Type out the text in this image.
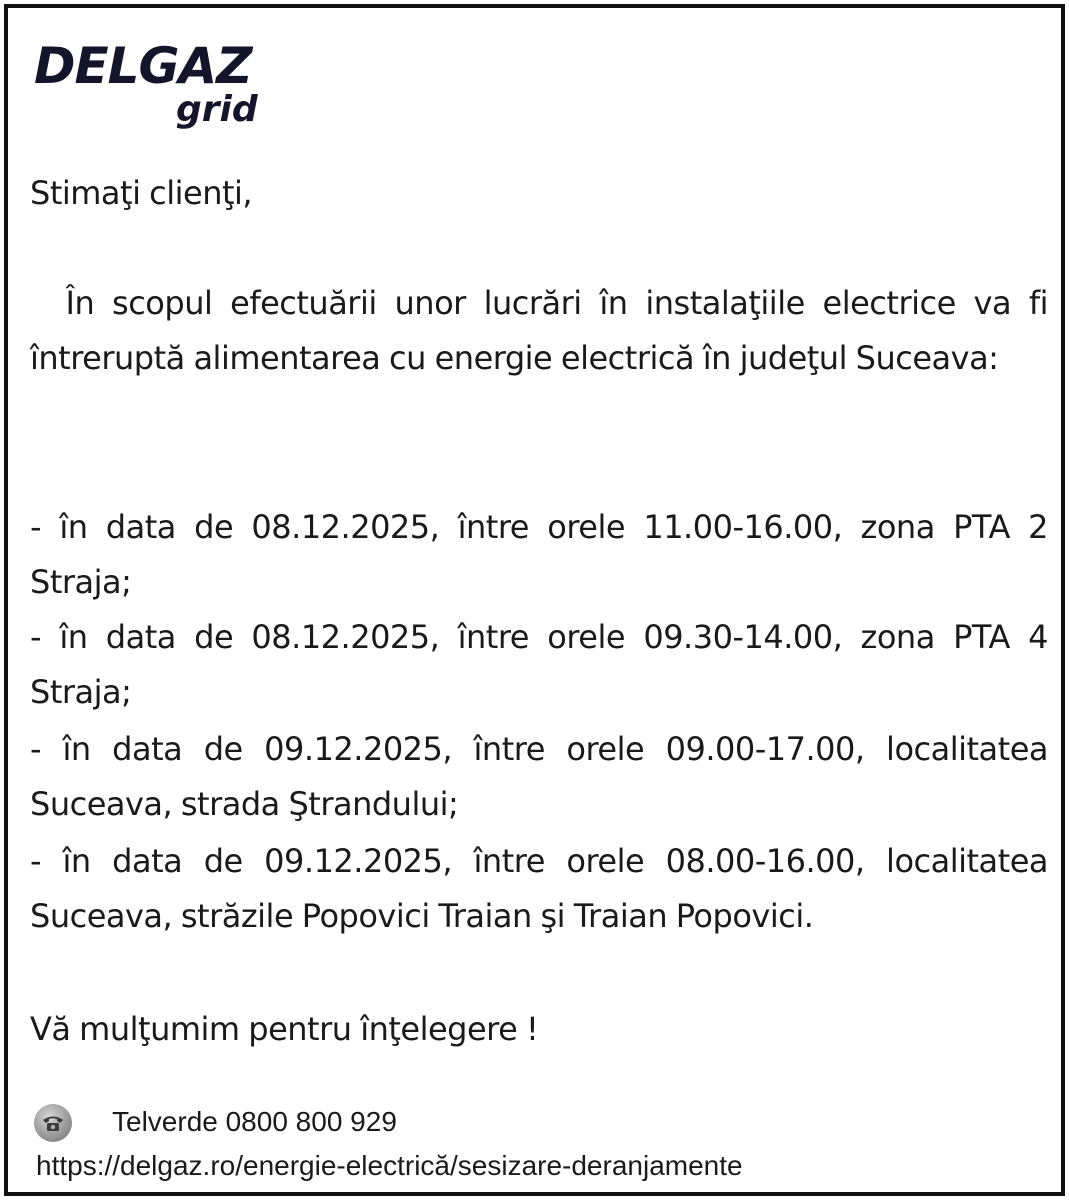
DELGAZ
grid
Stimaţi clienţi,
În scopul efectuării unor lucrări în instalaţiile electrice va fi întreruptă alimentarea cu energie electrică în judeţul Suceava:
- în data de 08.12.2025, între orele 11.00-16.00, zona PTA 2 Straja;
- în data de 08.12.2025, între orele 09.30-14.00, zona PTA 4 Straja;
- în data de 09.12.2025, între orele 09.00-17.00, localitatea Suceava, strada Ştrandului;
- în data de 09.12.2025, între orele 08.00-16.00, localitatea Suceava, străzile Popovici Traian şi Traian Popovici.
Vă mulţumim pentru înţelegere !
Telverde 0800 800 929
https://delgaz.ro/energie-electrică/sesizare-deranjamente
